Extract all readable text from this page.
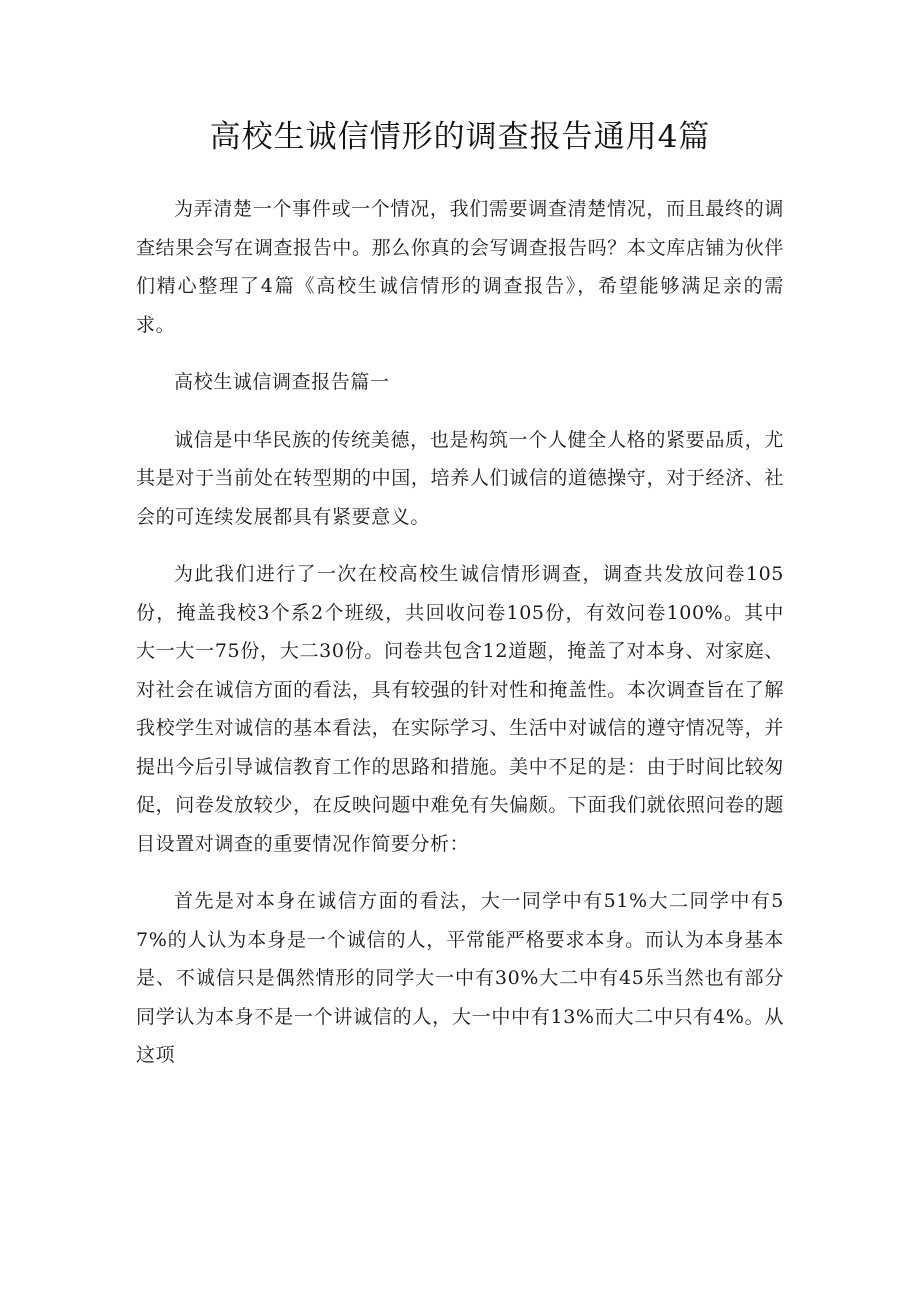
高校生诚信情形的调查报告通用4篇

为弄清楚一个事件或一个情况，我们需要调查清楚情况，而且最终的调查结果会写在调查报告中。那么你真的会写调查报告吗？本文库店铺为伙伴们精心整理了4篇《高校生诚信情形的调查报告》，希望能够满足亲的需求。

高校生诚信调查报告篇一

诚信是中华民族的传统美德，也是构筑一个人健全人格的紧要品质，尤其是对于当前处在转型期的中国，培养人们诚信的道德操守，对于经济、社会的可连续发展都具有紧要意义。

为此我们进行了一次在校高校生诚信情形调查，调查共发放问卷105份，掩盖我校3个系2个班级，共回收问卷105份，有效问卷100%。其中大一大一75份，大二30份。问卷共包含12道题，掩盖了对本身、对家庭、对社会在诚信方面的看法，具有较强的针对性和掩盖性。本次调查旨在了解我校学生对诚信的基本看法，在实际学习、生活中对诚信的遵守情况等，并提出今后引导诚信教育工作的思路和措施。美中不足的是：由于时间比较匆促，问卷发放较少，在反映问题中难免有失偏颇。下面我们就依照问卷的题目设置对调查的重要情况作简要分析：

首先是对本身在诚信方面的看法，大一同学中有51%大二同学中有57%的人认为本身是一个诚信的人，平常能严格要求本身。而认为本身基本是、不诚信只是偶然情形的同学大一中有30%大二中有45乐当然也有部分同学认为本身不是一个讲诚信的人，大一中中有13%而大二中只有4%。从这项
